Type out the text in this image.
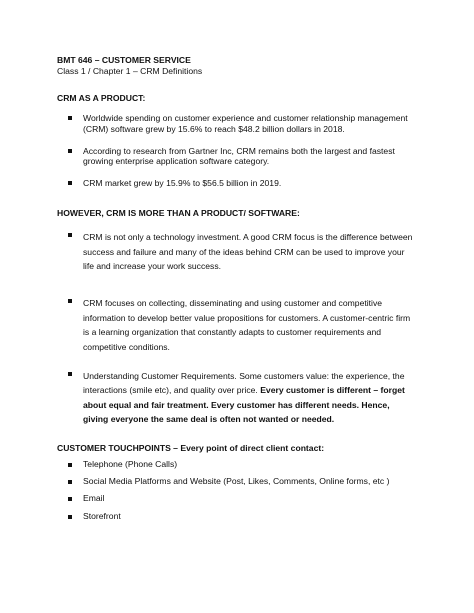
BMT 646 – CUSTOMER SERVICE
Class 1 / Chapter 1 – CRM Definitions
CRM AS A PRODUCT:
Worldwide spending on customer experience and customer relationship management (CRM) software grew by 15.6% to reach $48.2 billion dollars in 2018.
According to research from Gartner Inc, CRM remains both the largest and fastest growing enterprise application software category.
CRM market grew by 15.9% to $56.5 billion in 2019.
HOWEVER, CRM IS MORE THAN A PRODUCT/ SOFTWARE:
CRM is not only a technology investment. A good CRM focus is the difference between success and failure and many of the ideas behind CRM can be used to improve your life and increase your work success.
CRM focuses on collecting, disseminating and using customer and competitive information to develop better value propositions for customers. A customer-centric firm is a learning organization that constantly adapts to customer requirements and competitive conditions.
Understanding Customer Requirements. Some customers value: the experience, the interactions (smile etc), and quality over price. Every customer is different – forget about equal and fair treatment. Every customer has different needs. Hence, giving everyone the same deal is often not wanted or needed.
CUSTOMER TOUCHPOINTS – Every point of direct client contact:
Telephone (Phone Calls)
Social Media Platforms and Website (Post, Likes, Comments, Online forms, etc )
Email
Storefront
